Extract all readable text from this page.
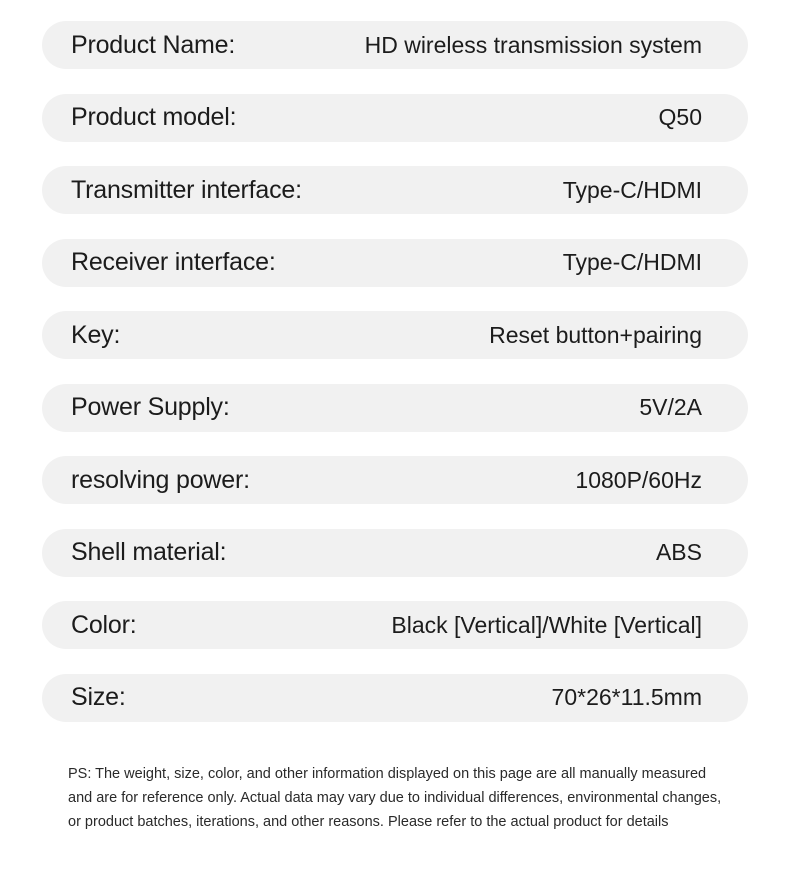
Product Name:	HD wireless transmission system
Product model:	Q50
Transmitter interface:	Type-C/HDMI
Receiver interface:	Type-C/HDMI
Key:	Reset button+pairing
Power Supply:	5V/2A
resolving power:	1080P/60Hz
Shell material:	ABS
Color:	Black [Vertical]/White [Vertical]
Size:	70*26*11.5mm

PS: The weight, size, color, and other information displayed on this page are all manually measured and are for reference only. Actual data may vary due to individual differences, environmental changes, or product batches, iterations, and other reasons. Please refer to the actual product for details
